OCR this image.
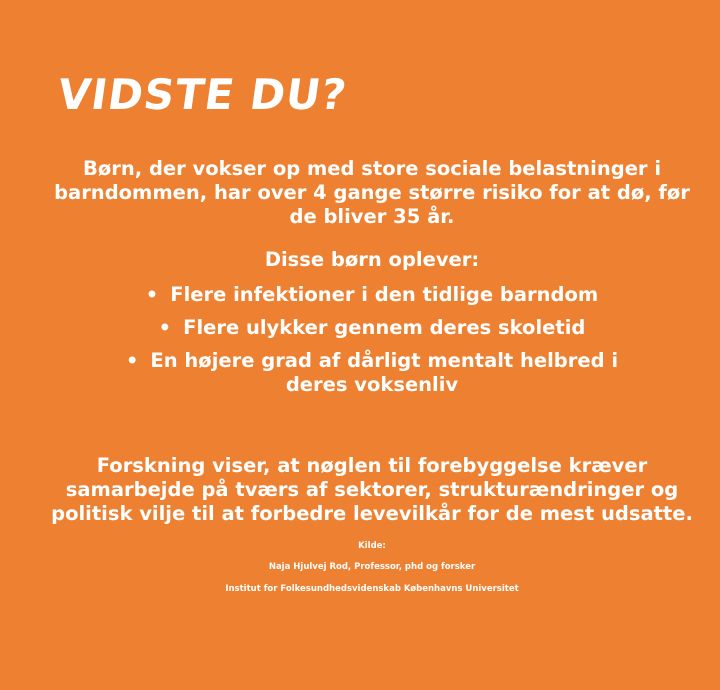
VIDSTE DU?
Børn, der vokser op med store sociale belastninger i barndommen, har over 4 gange større risiko for at dø, før de bliver 35 år.
Disse børn oplever:
• Flere infektioner i den tidlige barndom
• Flere ulykker gennem deres skoletid
• En højere grad af dårligt mentalt helbred i deres voksenliv
Forskning viser, at nøglen til forebyggelse kræver samarbejde på tværs af sektorer, strukturændringer og politisk vilje til at forbedre levevilkår for de mest udsatte.
Kilde:
Naja Hjulvej Rod, Professor, phd og forsker
Institut for Folkesundhedsvidenskab Københavns Universitet
